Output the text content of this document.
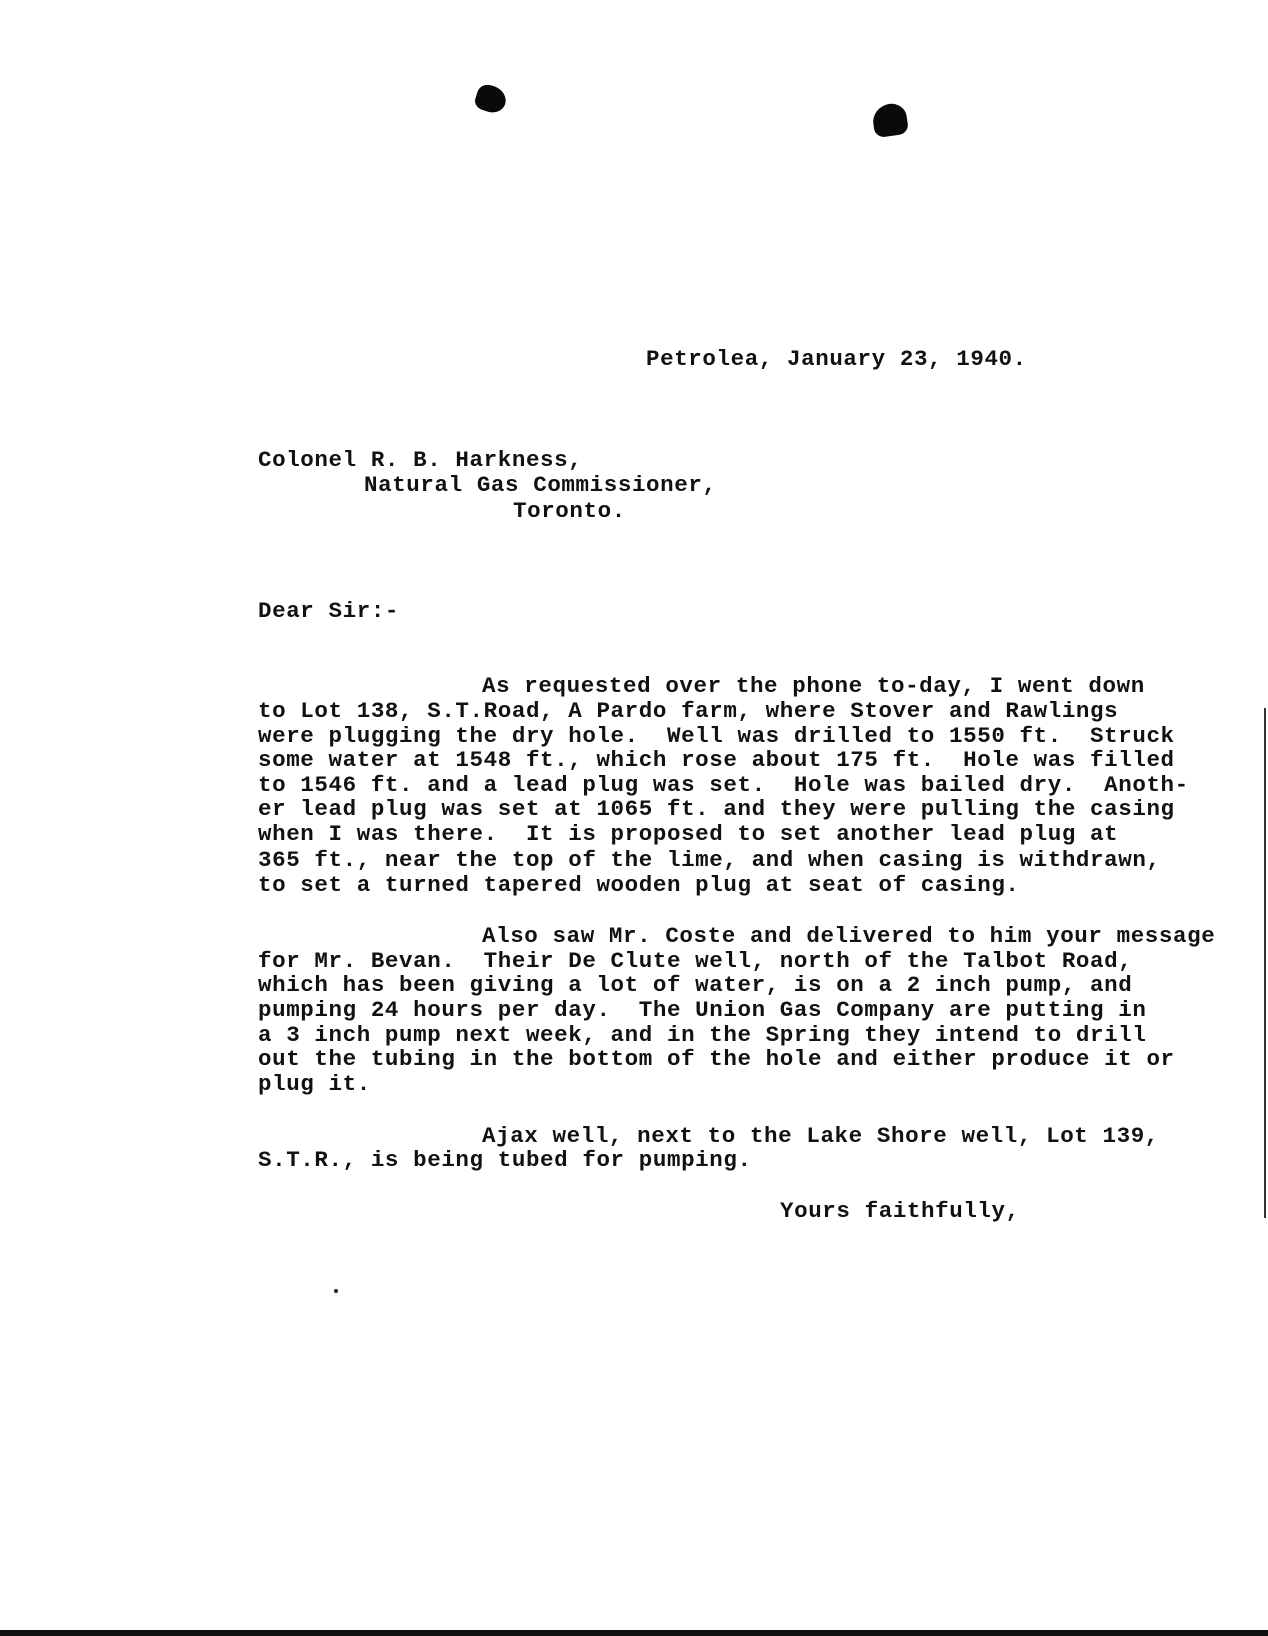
Petrolea, January 23, 1940.
Colonel R. B. Harkness,
Natural Gas Commissioner,
Toronto.
Dear Sir:-
As requested over the phone to-day, I went down
to Lot 138, S.T.Road, A Pardo farm, where Stover and Rawlings
were plugging the dry hole.  Well was drilled to 1550 ft.  Struck
some water at 1548 ft., which rose about 175 ft.  Hole was filled
to 1546 ft. and a lead plug was set.  Hole was bailed dry.  Anoth-
er lead plug was set at 1065 ft. and they were pulling the casing
when I was there.  It is proposed to set another lead plug at
365 ft., near the top of the lime, and when casing is withdrawn,
to set a turned tapered wooden plug at seat of casing.
Also saw Mr. Coste and delivered to him your message
for Mr. Bevan.  Their De Clute well, north of the Talbot Road,
which has been giving a lot of water, is on a 2 inch pump, and
pumping 24 hours per day.  The Union Gas Company are putting in
a 3 inch pump next week, and in the Spring they intend to drill
out the tubing in the bottom of the hole and either produce it or
plug it.
Ajax well, next to the Lake Shore well, Lot 139,
S.T.R., is being tubed for pumping.
Yours faithfully,
